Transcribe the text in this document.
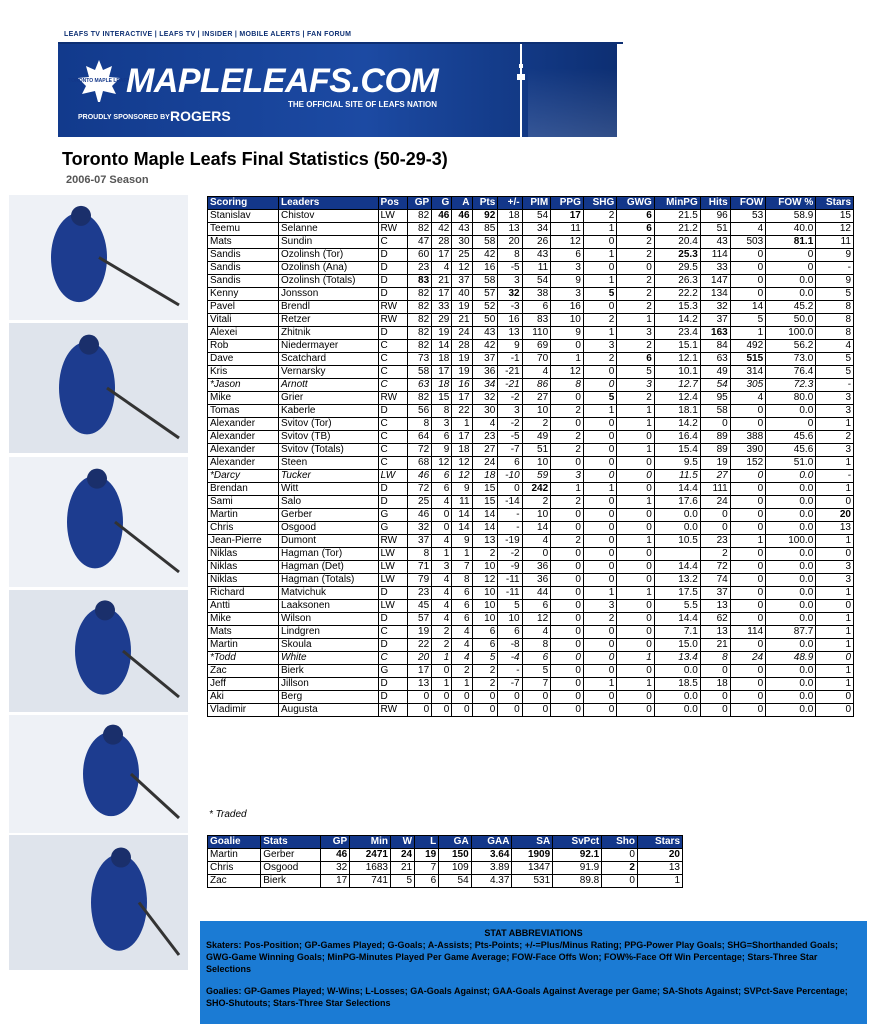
LEAFS TV INTERACTIVE | LEAFS TV | INSIDER | MOBILE ALERTS | FAN FORUM
TORONTO MAPLE LEAFS
MAPLELEAFS.COM
THE OFFICIAL SITE OF LEAFS NATION
PROUDLY SPONSORED BY ROGERS
Toronto Maple Leafs Final Statistics (50-29-3)
2006-07 Season
Scoring	Leaders	Pos	GP	G	A	Pts	+/-	PIM	PPG	SHG	GWG	MinPG	Hits	FOW	FOW %	Stars
Stanislav	Chistov	LW	82	46	46	92	18	54	17	2	6	21.5	96	53	58.9	15
Teemu	Selanne	RW	82	42	43	85	13	34	11	1	6	21.2	51	4	40.0	12
Mats	Sundin	C	47	28	30	58	20	26	12	0	2	20.4	43	503	81.1	11
Sandis	Ozolinsh (Tor)	D	60	17	25	42	8	43	6	1	2	25.3	114	0	0	9
Sandis	Ozolinsh (Ana)	D	23	4	12	16	-5	11	3	0	0	29.5	33	0	0	-
Sandis	Ozolinsh (Totals)	D	83	21	37	58	3	54	9	1	2	26.3	147	0	0.0	9
Kenny	Jonsson	D	82	17	40	57	32	38	3	5	2	22.2	134	0	0.0	5
Pavel	Brendl	RW	82	33	19	52	-3	6	16	0	2	15.3	32	14	45.2	8
Vitali	Retzer	RW	82	29	21	50	16	83	10	2	1	14.2	37	5	50.0	8
Alexei	Zhitnik	D	82	19	24	43	13	110	9	1	3	23.4	163	1	100.0	8
Rob	Niedermayer	C	82	14	28	42	9	69	0	3	2	15.1	84	492	56.2	4
Dave	Scatchard	C	73	18	19	37	-1	70	1	2	6	12.1	63	515	73.0	5
Kris	Vernarsky	C	58	17	19	36	-21	4	12	0	5	10.1	49	314	76.4	5
*Jason	Arnott	C	63	18	16	34	-21	86	8	0	3	12.7	54	305	72.3	-
Mike	Grier	RW	82	15	17	32	-2	27	0	5	2	12.4	95	4	80.0	3
Tomas	Kaberle	D	56	8	22	30	3	10	2	1	1	18.1	58	0	0.0	3
Alexander	Svitov (Tor)	C	8	3	1	4	-2	2	0	0	1	14.2	0	0	0	1
Alexander	Svitov (TB)	C	64	6	17	23	-5	49	2	0	0	16.4	89	388	45.6	2
Alexander	Svitov (Totals)	C	72	9	18	27	-7	51	2	0	1	15.4	89	390	45.6	3
Alexander	Steen	C	68	12	12	24	6	10	0	0	0	9.5	19	152	51.0	1
*Darcy	Tucker	LW	46	6	12	18	-10	59	3	0	0	11.5	27	0	0.0	-
Brendan	Witt	D	72	6	9	15	0	242	1	1	0	14.4	111	0	0.0	1
Sami	Salo	D	25	4	11	15	-14	2	2	0	1	17.6	24	0	0.0	0
Martin	Gerber	G	46	0	14	14	-	10	0	0	0	0.0	0	0	0.0	20
Chris	Osgood	G	32	0	14	14	-	14	0	0	0	0.0	0	0	0.0	13
Jean-Pierre	Dumont	RW	37	4	9	13	-19	4	2	0	1	10.5	23	1	100.0	1
Niklas	Hagman (Tor)	LW	8	1	1	2	-2	0	0	0	0		2	0	0.0	0
Niklas	Hagman (Det)	LW	71	3	7	10	-9	36	0	0	0	14.4	72	0	0.0	3
Niklas	Hagman (Totals)	LW	79	4	8	12	-11	36	0	0	0	13.2	74	0	0.0	3
Richard	Matvichuk	D	23	4	6	10	-11	44	0	1	1	17.5	37	0	0.0	1
Antti	Laaksonen	LW	45	4	6	10	5	6	0	3	0	5.5	13	0	0.0	0
Mike	Wilson	D	57	4	6	10	10	12	0	2	0	14.4	62	0	0.0	1
Mats	Lindgren	C	19	2	4	6	6	4	0	0	0	7.1	13	114	87.7	1
Martin	Skoula	D	22	2	4	6	-8	8	0	0	0	15.0	21	0	0.0	1
*Todd	White	C	20	1	4	5	-4	6	0	0	1	13.4	8	24	48.9	0
Zac	Bierk	G	17	0	2	2	-	5	0	0	0	0.0	0	0	0.0	1
Jeff	Jillson	D	13	1	1	2	-7	7	0	1	1	18.5	18	0	0.0	1
Aki	Berg	D	0	0	0	0	0	0	0	0	0	0.0	0	0	0.0	0
Vladimir	Augusta	RW	0	0	0	0	0	0	0	0	0	0.0	0	0	0.0	0
* Traded
Goalie	Stats	GP	Min	W	L	GA	GAA	SA	SvPct	Sho	Stars
Martin	Gerber	46	2471	24	19	150	3.64	1909	92.1	0	20
Chris	Osgood	32	1683	21	7	109	3.89	1347	91.9	2	13
Zac	Bierk	17	741	5	6	54	4.37	531	89.8	0	1

STAT ABBREVIATIONS

Skaters: Pos-Position; GP-Games Played; G-Goals; A-Assists; Pts-Points; +/-=Plus/Minus Rating; PPG-Power Play Goals; SHG=Shorthanded Goals; GWG-Game Winning Goals; MinPG-Minutes Played Per Game Average; FOW-Face Offs Won; FOW%-Face Off Win Percentage; Stars-Three Star Selections

Goalies: GP-Games Played; W-Wins; L-Losses; GA-Goals Against; GAA-Goals Against Average per Game; SA-Shots Against; SVPct-Save Percentage; SHO-Shutouts; Stars-Three Star Selections
